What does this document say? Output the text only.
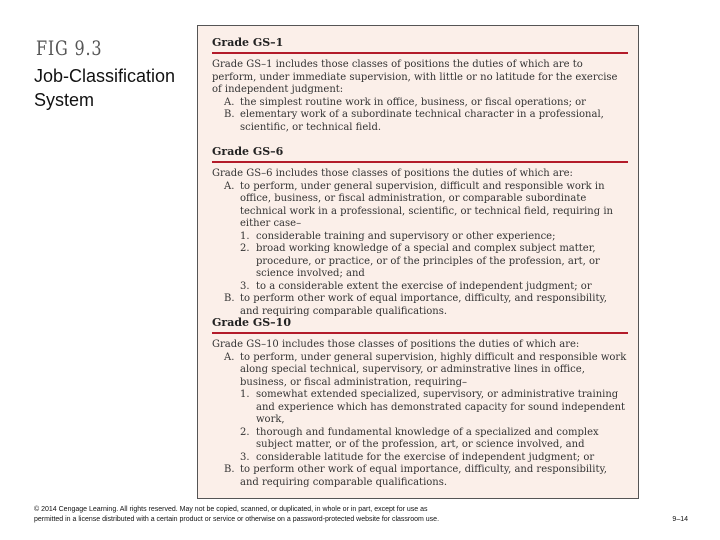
FIG 9.3
Job-Classification
System
Grade GS–1
Grade GS–1 includes those classes of positions the duties of which are to perform, under immediate supervision, with little or no latitude for the exercise of independent judgment:
A. the simplest routine work in office, business, or fiscal operations; or
B. elementary work of a subordinate technical character in a professional, scientific, or technical field.
Grade GS–6
Grade GS–6 includes those classes of positions the duties of which are:
A. to perform, under general supervision, difficult and responsible work in office, business, or fiscal administration, or comparable subordinate technical work in a professional, scientific, or technical field, requiring in either case–
1. considerable training and supervisory or other experience;
2. broad working knowledge of a special and complex subject matter, procedure, or practice, or of the principles of the profession, art, or science involved; and
3. to a considerable extent the exercise of independent judgment; or
B. to perform other work of equal importance, difficulty, and responsibility, and requiring comparable qualifications.
Grade GS–10
Grade GS–10 includes those classes of positions the duties of which are:
A. to perform, under general supervision, highly difficult and responsible work along special technical, supervisory, or adminstrative lines in office, business, or fiscal administration, requiring–
1. somewhat extended specialized, supervisory, or administrative training and experience which has demonstrated capacity for sound independent work,
2. thorough and fundamental knowledge of a specialized and complex subject matter, or of the profession, art, or science involved, and
3. considerable latitude for the exercise of independent judgment; or
B. to perform other work of equal importance, difficulty, and responsibility, and requiring comparable qualifications.
© 2014 Cengage Learning. All rights reserved. May not be copied, scanned, or duplicated, in whole or in part, except for use as
permitted in a license distributed with a certain product or service or otherwise on a password-protected website for classroom use.	9–14
